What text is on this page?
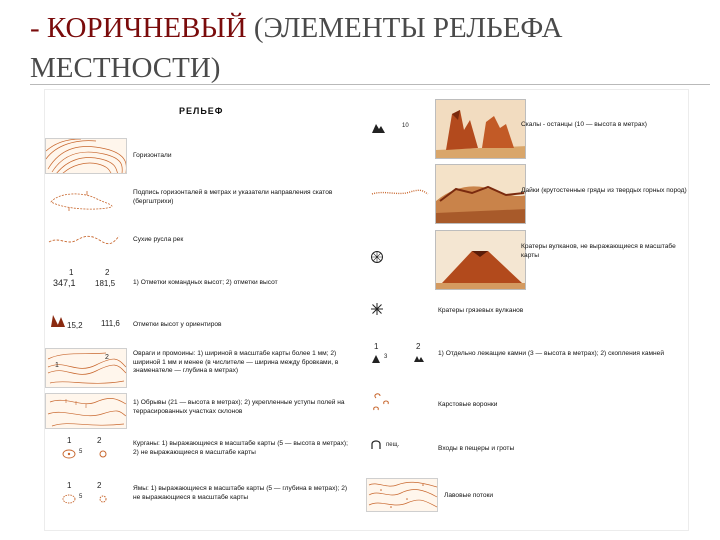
- КОРИЧНЕВЫЙ (ЭЛЕМЕНТЫ РЕЛЬЕФА МЕСТНОСТИ)
РЕЛЬЕФ
Горизонтали
Подпись горизонталей в метрах и указатели направления скатов (бергштрихи)
Сухие русла рек
1	2
347,1 181,5	1) Отметки командных высот; 2) отметки высот
15,2 111,6 Отметки высот у ориентиров
1
2
Овраги и промоины: 1) шириной в масштабе карты более 1 мм; 2) шириной 1 мм и менее (в числителе — ширина между бровками, в знаменателе — глубина в метрах)
1) Обрывы (21 — высота в метрах); 2) укрепленные уступы полей на террасированных участках склонов
1	2
5
Курганы: 1) выражающиеся в масштабе карты (5 — высота в метрах); 2) не выражающиеся в масштабе карты
1	2
5
Ямы: 1) выражающиеся в масштабе карты (5 — глубина в метрах); 2) не выражающиеся в масштабе карты
10	Скалы - останцы (10 — высота в метрах)
Дайки (крутостенные гряды из твердых горных пород)
Кратеры вулканов, не выражающиеся в масштабе карты
Кратеры грязевых вулканов
1	2
3	1) Отдельно лежащие камни (3 — высота в метрах); 2) скопления камней
Карстовые воронки
пещ.	Входы в пещеры и гроты
Лавовые потоки
